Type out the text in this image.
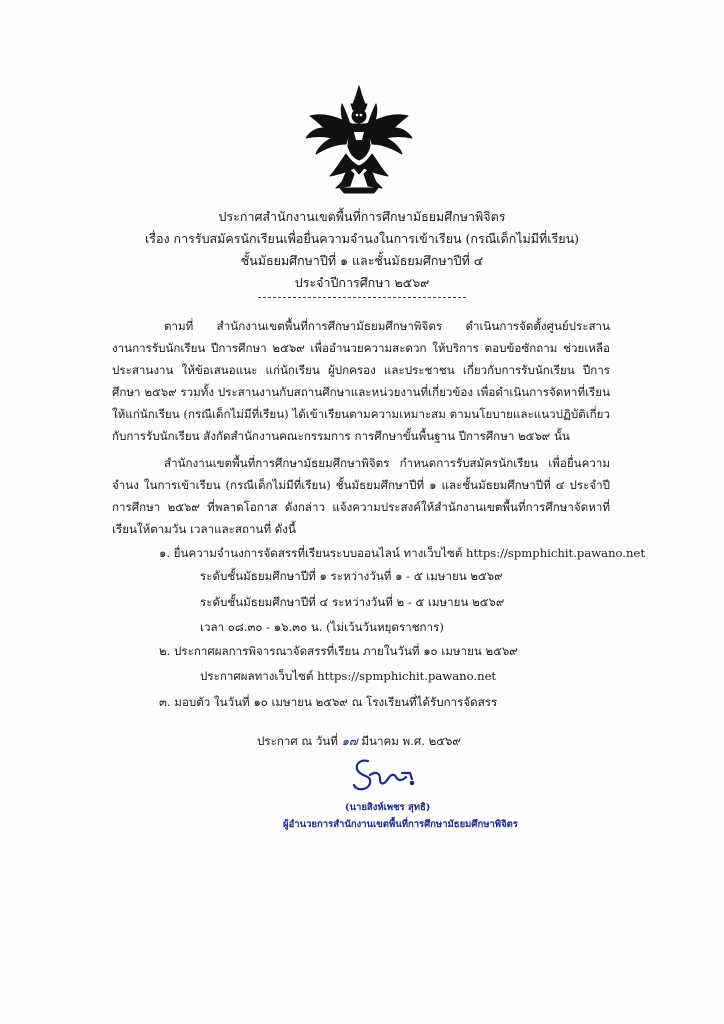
ประกาศสำนักงานเขตพื้นที่การศึกษามัธยมศึกษาพิจิตร
เรื่อง การรับสมัครนักเรียนเพื่อยื่นความจำนงในการเข้าเรียน (กรณีเด็กไม่มีที่เรียน)
ชั้นมัธยมศึกษาปีที่ ๑ และชั้นมัธยมศึกษาปีที่ ๔
ประจำปีการศึกษา ๒๕๖๙

ตามที่ สำนักงานเขตพื้นที่การศึกษามัธยมศึกษาพิจิตร ดำเนินการจัดตั้งศูนย์ประสานงานการรับนักเรียน ปีการศึกษา ๒๕๖๙ เพื่ออำนวยความสะดวก ให้บริการ ตอบข้อซักถาม ช่วยเหลือ ประสานงาน ให้ข้อเสนอแนะ แก่นักเรียน ผู้ปกครอง และประชาชน เกี่ยวกับการรับนักเรียน ปีการศึกษา ๒๕๖๙ รวมทั้ง ประสานงานกับสถานศึกษาและหน่วยงานที่เกี่ยวข้อง เพื่อดำเนินการจัดหาที่เรียนให้แก่นักเรียน (กรณีเด็กไม่มีที่เรียน) ได้เข้าเรียนตามความเหมาะสม ตามนโยบายและแนวปฏิบัติเกี่ยวกับการรับนักเรียน สังกัดสำนักงานคณะกรรมการ การศึกษาขั้นพื้นฐาน ปีการศึกษา ๒๕๖๙ นั้น

สำนักงานเขตพื้นที่การศึกษามัธยมศึกษาพิจิตร กำหนดการรับสมัครนักเรียน เพื่อยื่นความจำนง ในการเข้าเรียน (กรณีเด็กไม่มีที่เรียน) ชั้นมัธยมศึกษาปีที่ ๑ และชั้นมัธยมศึกษาปีที่ ๔ ประจำปีการศึกษา ๒๕๖๙ ที่พลาดโอกาส ดังกล่าว แจ้งความประสงค์ให้สำนักงานเขตพื้นที่การศึกษาจัดหาที่เรียนให้ตามวัน เวลาและสถานที่ ดังนี้

๑. ยื่นความจำนงการจัดสรรที่เรียนระบบออนไลน์ ทางเว็บไซต์ https://spmphichit.pawano.net
ระดับชั้นมัธยมศึกษาปีที่ ๑ ระหว่างวันที่ ๑ - ๕ เมษายน ๒๕๖๙
ระดับชั้นมัธยมศึกษาปีที่ ๔ ระหว่างวันที่ ๒ - ๕ เมษายน ๒๕๖๙
เวลา ๐๘.๓๐ - ๑๖.๓๐ น. (ไม่เว้นวันหยุดราชการ)
๒. ประกาศผลการพิจารณาจัดสรรที่เรียน ภายในวันที่ ๑๐ เมษายน ๒๕๖๙
ประกาศผลทางเว็บไซต์ https://spmphichit.pawano.net
๓. มอบตัว ในวันที่ ๑๐ เมษายน ๒๕๖๙ ณ โรงเรียนที่ได้รับการจัดสรร
ประกาศ ณ วันที่ ๑๗ มีนาคม พ.ศ. ๒๕๖๙
(นายสิงห์เพชร สุทธิ)
ผู้อำนวยการสำนักงานเขตพื้นที่การศึกษามัธยมศึกษาพิจิตร
